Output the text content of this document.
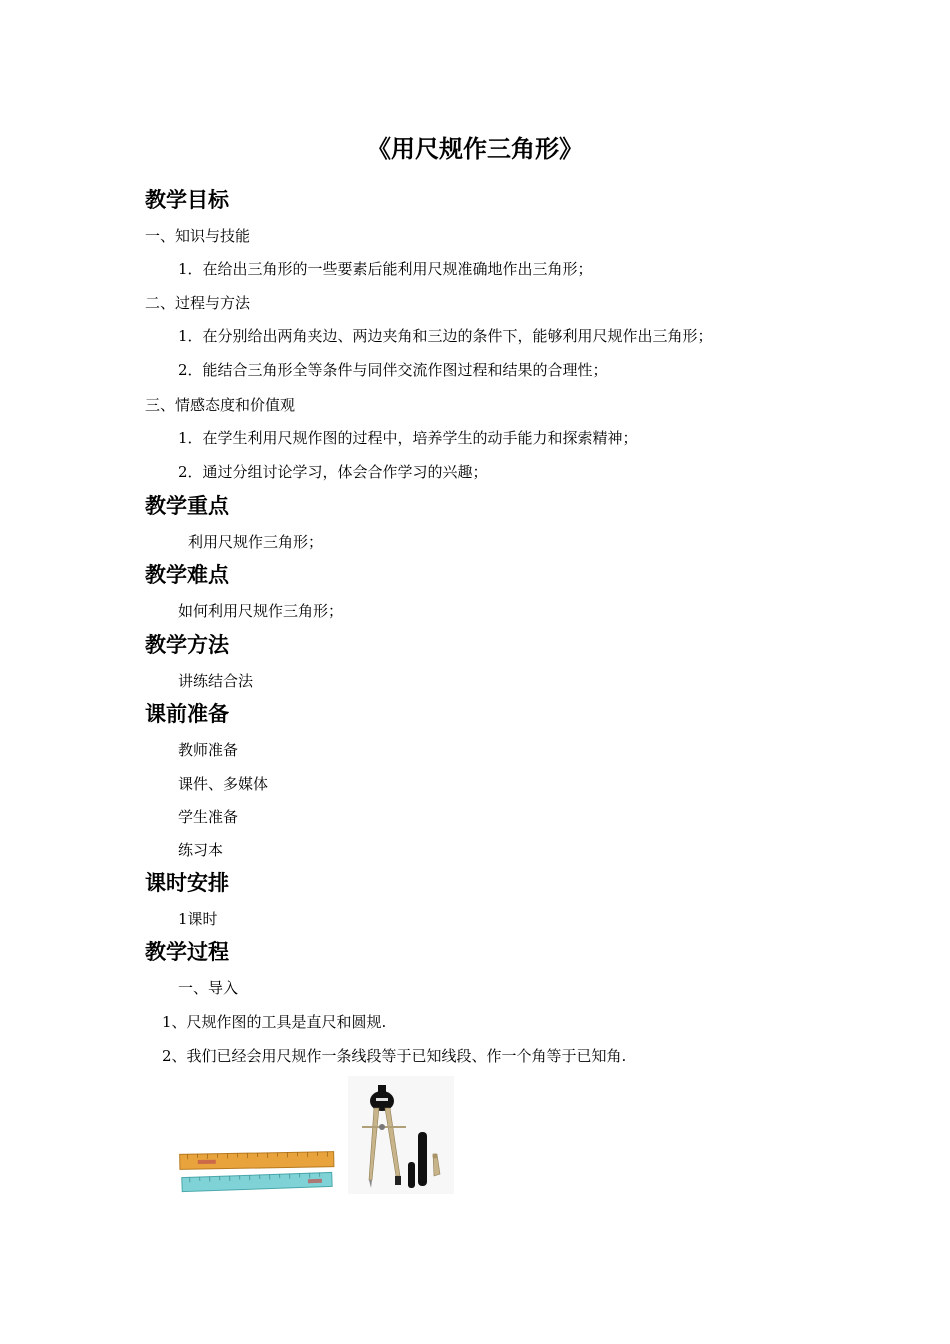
《用尺规作三角形》
教学目标
一、知识与技能
1．在给出三角形的一些要素后能利用尺规准确地作出三角形；
二、过程与方法
1．在分别给出两角夹边、两边夹角和三边的条件下，能够利用尺规作出三角形；
2．能结合三角形全等条件与同伴交流作图过程和结果的合理性；
三、情感态度和价值观
1．在学生利用尺规作图的过程中，培养学生的动手能力和探索精神；
2．通过分组讨论学习，体会合作学习的兴趣；
教学重点
利用尺规作三角形；
教学难点
如何利用尺规作三角形；
教学方法
讲练结合法
课前准备
教师准备
课件、多媒体
学生准备
练习本
课时安排
1课时
教学过程
一、导入
1、尺规作图的工具是直尺和圆规.
2、我们已经会用尺规作一条线段等于已知线段、作一个角等于已知角.
